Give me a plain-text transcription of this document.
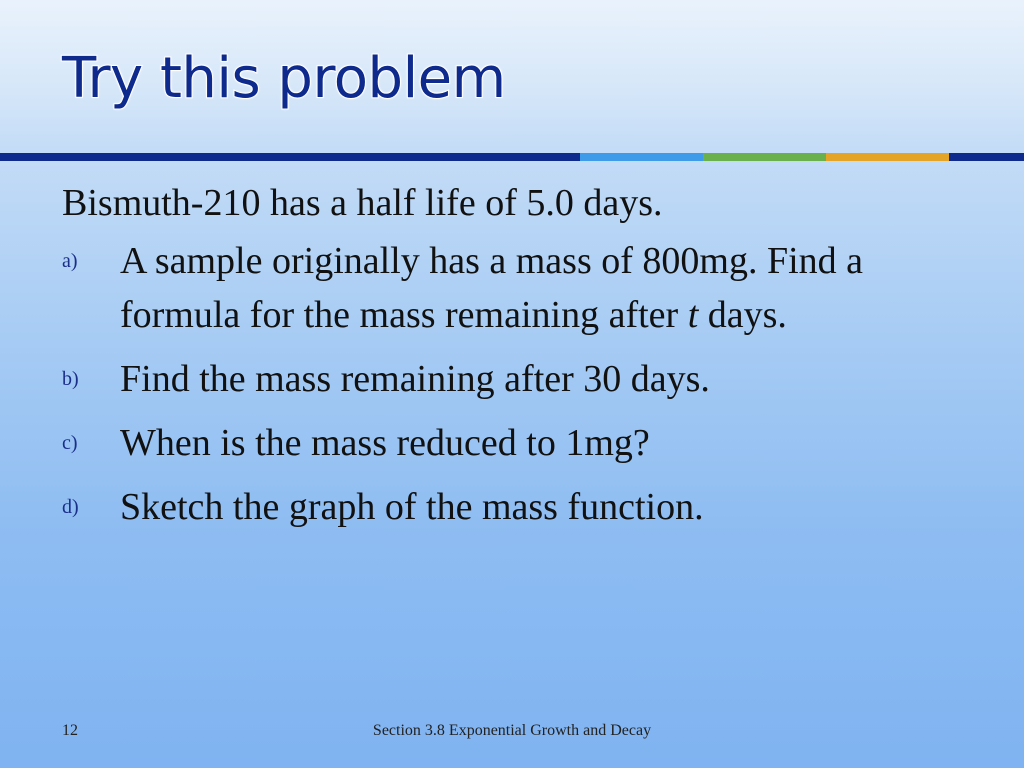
Try this problem

Bismuth-210 has a half life of 5.0 days.

a)	A sample originally has a mass of 800mg. Find a formula for the mass remaining after t days.
b)	Find the mass remaining after 30 days.
c)	When is the mass reduced to 1mg?
d)	Sketch the graph of the mass function.
12	Section 3.8 Exponential Growth and Decay
